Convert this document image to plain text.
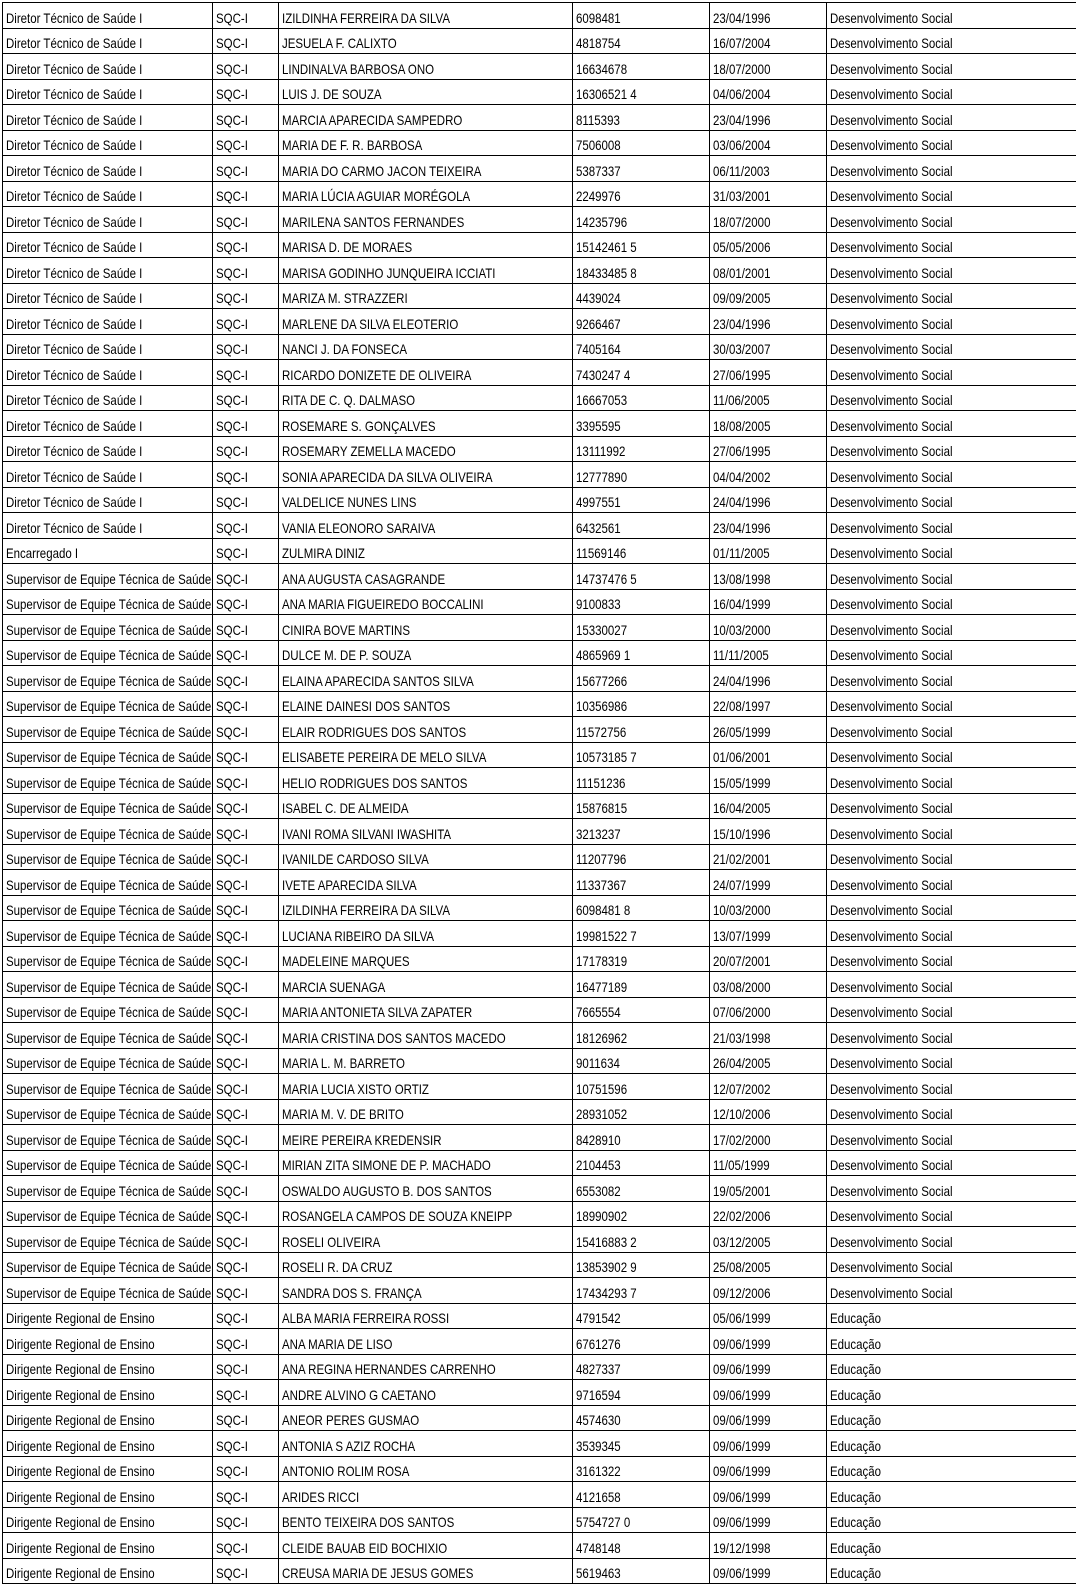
Diretor Técnico de Saúde I	SQC-I	IZILDINHA FERREIRA DA SILVA	6098481	23/04/1996	Desenvolvimento Social
Diretor Técnico de Saúde I	SQC-I	JESUELA F. CALIXTO	4818754	16/07/2004	Desenvolvimento Social
Diretor Técnico de Saúde I	SQC-I	LINDINALVA BARBOSA ONO	16634678	18/07/2000	Desenvolvimento Social
Diretor Técnico de Saúde I	SQC-I	LUIS J. DE SOUZA	16306521 4	04/06/2004	Desenvolvimento Social
Diretor Técnico de Saúde I	SQC-I	MARCIA APARECIDA SAMPEDRO	8115393	23/04/1996	Desenvolvimento Social
Diretor Técnico de Saúde I	SQC-I	MARIA DE F. R. BARBOSA	7506008	03/06/2004	Desenvolvimento Social
Diretor Técnico de Saúde I	SQC-I	MARIA DO CARMO JACON TEIXEIRA	5387337	06/11/2003	Desenvolvimento Social
Diretor Técnico de Saúde I	SQC-I	MARIA LÚCIA AGUIAR MORÉGOLA	2249976	31/03/2001	Desenvolvimento Social
Diretor Técnico de Saúde I	SQC-I	MARILENA SANTOS FERNANDES	14235796	18/07/2000	Desenvolvimento Social
Diretor Técnico de Saúde I	SQC-I	MARISA D. DE MORAES	15142461 5	05/05/2006	Desenvolvimento Social
Diretor Técnico de Saúde I	SQC-I	MARISA GODINHO JUNQUEIRA ICCIATI	18433485 8	08/01/2001	Desenvolvimento Social
Diretor Técnico de Saúde I	SQC-I	MARIZA M. STRAZZERI	4439024	09/09/2005	Desenvolvimento Social
Diretor Técnico de Saúde I	SQC-I	MARLENE DA SILVA ELEOTERIO	9266467	23/04/1996	Desenvolvimento Social
Diretor Técnico de Saúde I	SQC-I	NANCI J. DA FONSECA	7405164	30/03/2007	Desenvolvimento Social
Diretor Técnico de Saúde I	SQC-I	RICARDO DONIZETE DE OLIVEIRA	7430247 4	27/06/1995	Desenvolvimento Social
Diretor Técnico de Saúde I	SQC-I	RITA DE C. Q. DALMASO	16667053	11/06/2005	Desenvolvimento Social
Diretor Técnico de Saúde I	SQC-I	ROSEMARE S. GONÇALVES	3395595	18/08/2005	Desenvolvimento Social
Diretor Técnico de Saúde I	SQC-I	ROSEMARY ZEMELLA MACEDO	13111992	27/06/1995	Desenvolvimento Social
Diretor Técnico de Saúde I	SQC-I	SONIA APARECIDA DA SILVA OLIVEIRA	12777890	04/04/2002	Desenvolvimento Social
Diretor Técnico de Saúde I	SQC-I	VALDELICE NUNES LINS	4997551	24/04/1996	Desenvolvimento Social
Diretor Técnico de Saúde I	SQC-I	VANIA ELEONORO SARAIVA	6432561	23/04/1996	Desenvolvimento Social
Encarregado I	SQC-I	ZULMIRA DINIZ	11569146	01/11/2005	Desenvolvimento Social
Supervisor de Equipe Técnica de Saúde	SQC-I	ANA AUGUSTA CASAGRANDE	14737476 5	13/08/1998	Desenvolvimento Social
Supervisor de Equipe Técnica de Saúde	SQC-I	ANA MARIA FIGUEIREDO BOCCALINI	9100833	16/04/1999	Desenvolvimento Social
Supervisor de Equipe Técnica de Saúde	SQC-I	CINIRA BOVE MARTINS	15330027	10/03/2000	Desenvolvimento Social
Supervisor de Equipe Técnica de Saúde	SQC-I	DULCE M. DE P. SOUZA	4865969 1	11/11/2005	Desenvolvimento Social
Supervisor de Equipe Técnica de Saúde	SQC-I	ELAINA APARECIDA SANTOS SILVA	15677266	24/04/1996	Desenvolvimento Social
Supervisor de Equipe Técnica de Saúde	SQC-I	ELAINE DAINESI DOS SANTOS	10356986	22/08/1997	Desenvolvimento Social
Supervisor de Equipe Técnica de Saúde	SQC-I	ELAIR RODRIGUES DOS SANTOS	11572756	26/05/1999	Desenvolvimento Social
Supervisor de Equipe Técnica de Saúde	SQC-I	ELISABETE PEREIRA DE MELO SILVA	10573185 7	01/06/2001	Desenvolvimento Social
Supervisor de Equipe Técnica de Saúde	SQC-I	HELIO RODRIGUES DOS SANTOS	11151236	15/05/1999	Desenvolvimento Social
Supervisor de Equipe Técnica de Saúde	SQC-I	ISABEL C. DE ALMEIDA	15876815	16/04/2005	Desenvolvimento Social
Supervisor de Equipe Técnica de Saúde	SQC-I	IVANI ROMA SILVANI IWASHITA	3213237	15/10/1996	Desenvolvimento Social
Supervisor de Equipe Técnica de Saúde	SQC-I	IVANILDE CARDOSO SILVA	11207796	21/02/2001	Desenvolvimento Social
Supervisor de Equipe Técnica de Saúde	SQC-I	IVETE APARECIDA SILVA	11337367	24/07/1999	Desenvolvimento Social
Supervisor de Equipe Técnica de Saúde	SQC-I	IZILDINHA FERREIRA DA SILVA	6098481 8	10/03/2000	Desenvolvimento Social
Supervisor de Equipe Técnica de Saúde	SQC-I	LUCIANA RIBEIRO DA SILVA	19981522 7	13/07/1999	Desenvolvimento Social
Supervisor de Equipe Técnica de Saúde	SQC-I	MADELEINE MARQUES	17178319	20/07/2001	Desenvolvimento Social
Supervisor de Equipe Técnica de Saúde	SQC-I	MARCIA SUENAGA	16477189	03/08/2000	Desenvolvimento Social
Supervisor de Equipe Técnica de Saúde	SQC-I	MARIA ANTONIETA SILVA ZAPATER	7665554	07/06/2000	Desenvolvimento Social
Supervisor de Equipe Técnica de Saúde	SQC-I	MARIA CRISTINA DOS SANTOS MACEDO	18126962	21/03/1998	Desenvolvimento Social
Supervisor de Equipe Técnica de Saúde	SQC-I	MARIA L. M. BARRETO	9011634	26/04/2005	Desenvolvimento Social
Supervisor de Equipe Técnica de Saúde	SQC-I	MARIA LUCIA XISTO ORTIZ	10751596	12/07/2002	Desenvolvimento Social
Supervisor de Equipe Técnica de Saúde	SQC-I	MARIA M. V. DE BRITO	28931052	12/10/2006	Desenvolvimento Social
Supervisor de Equipe Técnica de Saúde	SQC-I	MEIRE PEREIRA KREDENSIR	8428910	17/02/2000	Desenvolvimento Social
Supervisor de Equipe Técnica de Saúde	SQC-I	MIRIAN ZITA SIMONE DE P. MACHADO	2104453	11/05/1999	Desenvolvimento Social
Supervisor de Equipe Técnica de Saúde	SQC-I	OSWALDO AUGUSTO B. DOS SANTOS	6553082	19/05/2001	Desenvolvimento Social
Supervisor de Equipe Técnica de Saúde	SQC-I	ROSANGELA CAMPOS DE SOUZA KNEIPP	18990902	22/02/2006	Desenvolvimento Social
Supervisor de Equipe Técnica de Saúde	SQC-I	ROSELI OLIVEIRA	15416883 2	03/12/2005	Desenvolvimento Social
Supervisor de Equipe Técnica de Saúde	SQC-I	ROSELI R. DA CRUZ	13853902 9	25/08/2005	Desenvolvimento Social
Supervisor de Equipe Técnica de Saúde	SQC-I	SANDRA DOS S. FRANÇA	17434293 7	09/12/2006	Desenvolvimento Social
Dirigente Regional de Ensino	SQC-I	ALBA MARIA FERREIRA ROSSI	4791542	05/06/1999	Educação
Dirigente Regional de Ensino	SQC-I	ANA MARIA DE LISO	6761276	09/06/1999	Educação
Dirigente Regional de Ensino	SQC-I	ANA REGINA HERNANDES CARRENHO	4827337	09/06/1999	Educação
Dirigente Regional de Ensino	SQC-I	ANDRE ALVINO G CAETANO	9716594	09/06/1999	Educação
Dirigente Regional de Ensino	SQC-I	ANEOR PERES GUSMAO	4574630	09/06/1999	Educação
Dirigente Regional de Ensino	SQC-I	ANTONIA S AZIZ ROCHA	3539345	09/06/1999	Educação
Dirigente Regional de Ensino	SQC-I	ANTONIO ROLIM ROSA	3161322	09/06/1999	Educação
Dirigente Regional de Ensino	SQC-I	ARIDES RICCI	4121658	09/06/1999	Educação
Dirigente Regional de Ensino	SQC-I	BENTO TEIXEIRA DOS SANTOS	5754727 0	09/06/1999	Educação
Dirigente Regional de Ensino	SQC-I	CLEIDE BAUAB EID BOCHIXIO	4748148	19/12/1998	Educação
Dirigente Regional de Ensino	SQC-I	CREUSA MARIA DE JESUS GOMES	5619463	09/06/1999	Educação
